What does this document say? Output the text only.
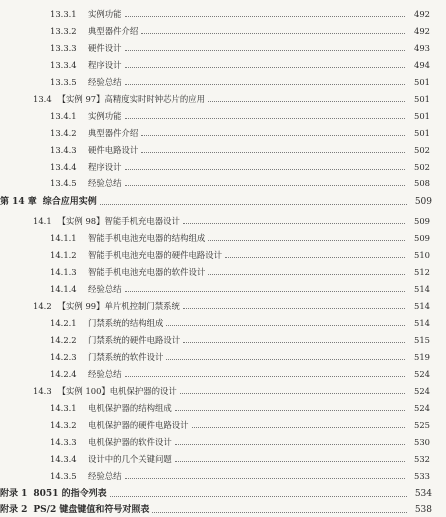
13.3.1	实例功能	492
13.3.2	典型器件介绍	492
13.3.3	硬件设计	493
13.3.4	程序设计	494
13.3.5	经验总结	501
13.4 【实例 97】高精度实时时钟芯片的应用	501
13.4.1	实例功能	501
13.4.2	典型器件介绍	501
13.4.3	硬件电路设计	502
13.4.4	程序设计	502
13.4.5	经验总结	508
第 14 章 综合应用实例	509
14.1 【实例 98】智能手机充电器设计	509
14.1.1	智能手机电池充电器的结构组成	509
14.1.2	智能手机电池充电器的硬件电路设计	510
14.1.3	智能手机电池充电器的软件设计	512
14.1.4	经验总结	514
14.2 【实例 99】单片机控制门禁系统	514
14.2.1	门禁系统的结构组成	514
14.2.2	门禁系统的硬件电路设计	515
14.2.3	门禁系统的软件设计	519
14.2.4	经验总结	524
14.3 【实例 100】电机保护器的设计	524
14.3.1	电机保护器的结构组成	524
14.3.2	电机保护器的硬件电路设计	525
14.3.3	电机保护器的软件设计	530
14.3.4	设计中的几个关键问题	532
14.3.5	经验总结	533
附录 1 8051 的指令列表	534
附录 2 PS/2 键盘键值和符号对照表	538
